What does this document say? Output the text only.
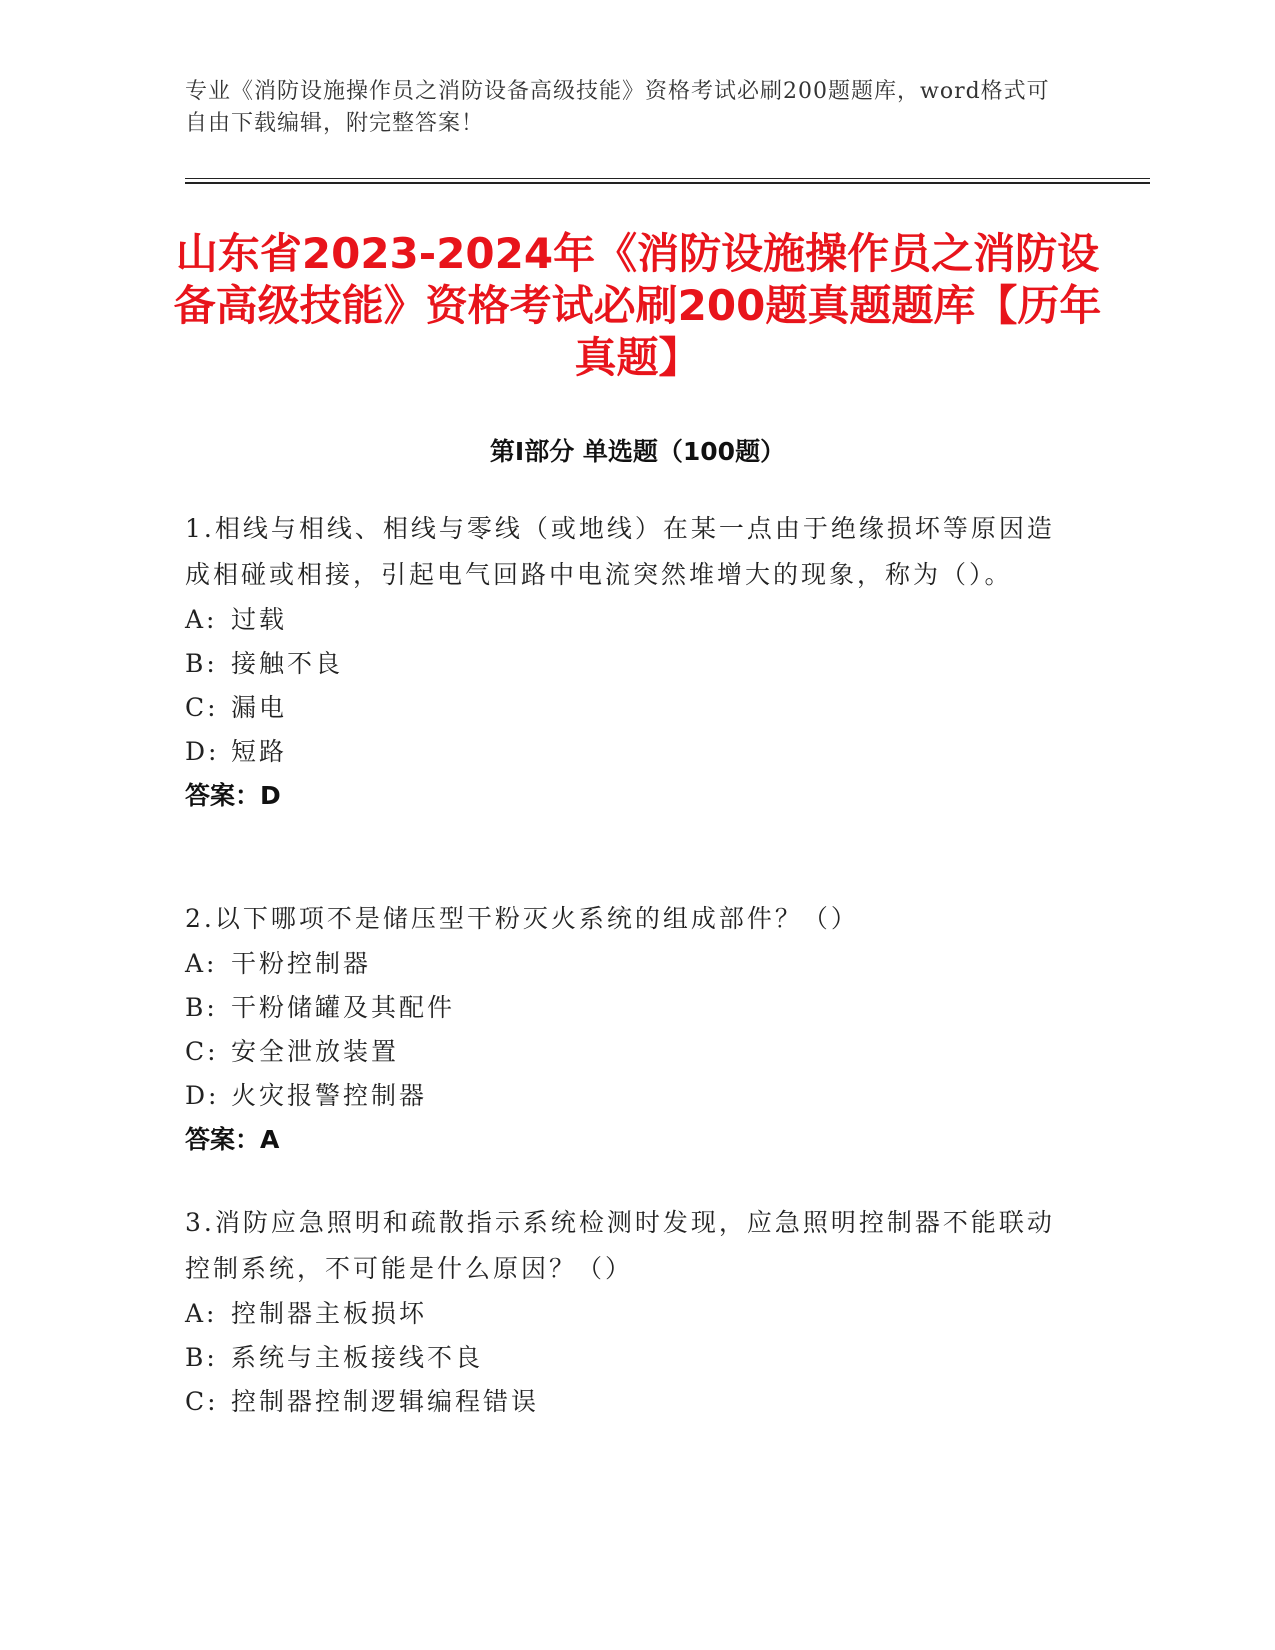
专业《消防设施操作员之消防设备高级技能》资格考试必刷200题题库，word格式可自由下载编辑，附完整答案！
山东省2023-2024年《消防设施操作员之消防设备高级技能》资格考试必刷200题真题题库【历年真题】
第I部分 单选题（100题）
1.相线与相线、相线与零线（或地线）在某一点由于绝缘损坏等原因造成相碰或相接，引起电气回路中电流突然堆增大的现象，称为（）。
A: 过载
B: 接触不良
C: 漏电
D: 短路
答案：D
2.以下哪项不是储压型干粉灭火系统的组成部件？（）
A: 干粉控制器
B: 干粉储罐及其配件
C: 安全泄放装置
D: 火灾报警控制器
答案：A
3.消防应急照明和疏散指示系统检测时发现，应急照明控制器不能联动控制系统，不可能是什么原因？（）
A: 控制器主板损坏
B: 系统与主板接线不良
C: 控制器控制逻辑编程错误
